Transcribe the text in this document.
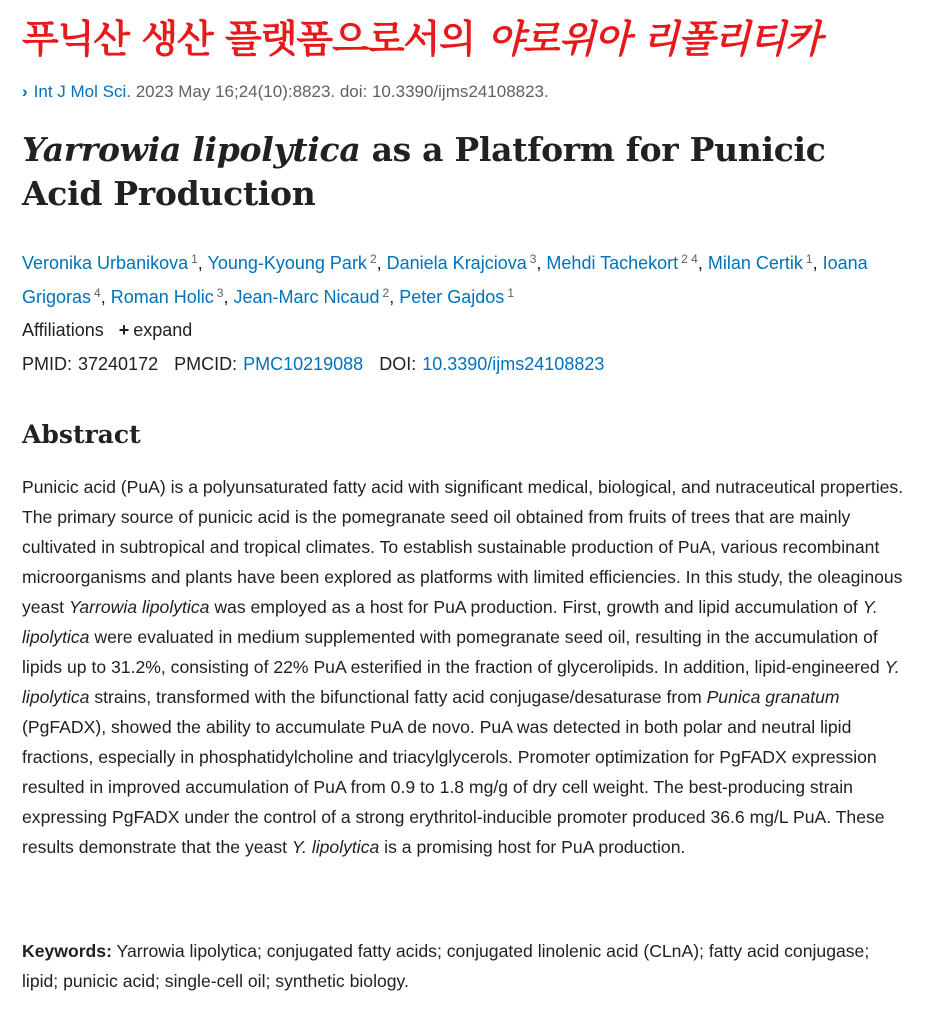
푸닉산 생산 플랫폼으로서의 야로위아 리폴리티카
› Int J Mol Sci. 2023 May 16;24(10):8823. doi: 10.3390/ijms24108823.
Yarrowia lipolytica as a Platform for Punicic Acid Production
Veronika Urbanikova $^1$, Young-Kyoung Park $^2$, Daniela Krajciova $^3$, Mehdi Tachekort $^{2 4}$, Milan Certik $^1$, Ioana Grigoras $^4$, Roman Holic $^3$, Jean-Marc Nicaud $^2$, Peter Gajdos $^1$
Affiliations + expand
PMID: 37240172 PMCID: PMC10219088 DOI: 10.3390/ijms24108823
Abstract

Punicic acid (PuA) is a polyunsaturated fatty acid with significant medical, biological, and nutraceutical properties. The primary source of punicic acid is the pomegranate seed oil obtained from fruits of trees that are mainly cultivated in subtropical and tropical climates. To establish sustainable production of PuA, various recombinant microorganisms and plants have been explored as platforms with limited efficiencies. In this study, the oleaginous yeast Yarrowia lipolytica was employed as a host for PuA production. First, growth and lipid accumulation of Y. lipolytica were evaluated in medium supplemented with pomegranate seed oil, resulting in the accumulation of lipids up to 31.2%, consisting of 22% PuA esterified in the fraction of glycerolipids. In addition, lipid-engineered Y. lipolytica strains, transformed with the bifunctional fatty acid conjugase/desaturase from Punica granatum (PgFADX), showed the ability to accumulate PuA de novo. PuA was detected in both polar and neutral lipid fractions, especially in phosphatidylcholine and triacylglycerols. Promoter optimization for PgFADX expression resulted in improved accumulation of PuA from 0.9 to 1.8 mg/g of dry cell weight. The best-producing strain expressing PgFADX under the control of a strong erythritol-inducible promoter produced 36.6 mg/L PuA. These results demonstrate that the yeast Y. lipolytica is a promising host for PuA production.

Keywords: Yarrowia lipolytica; conjugated fatty acids; conjugated linolenic acid (CLnA); fatty acid conjugase; lipid; punicic acid; single-cell oil; synthetic biology.
